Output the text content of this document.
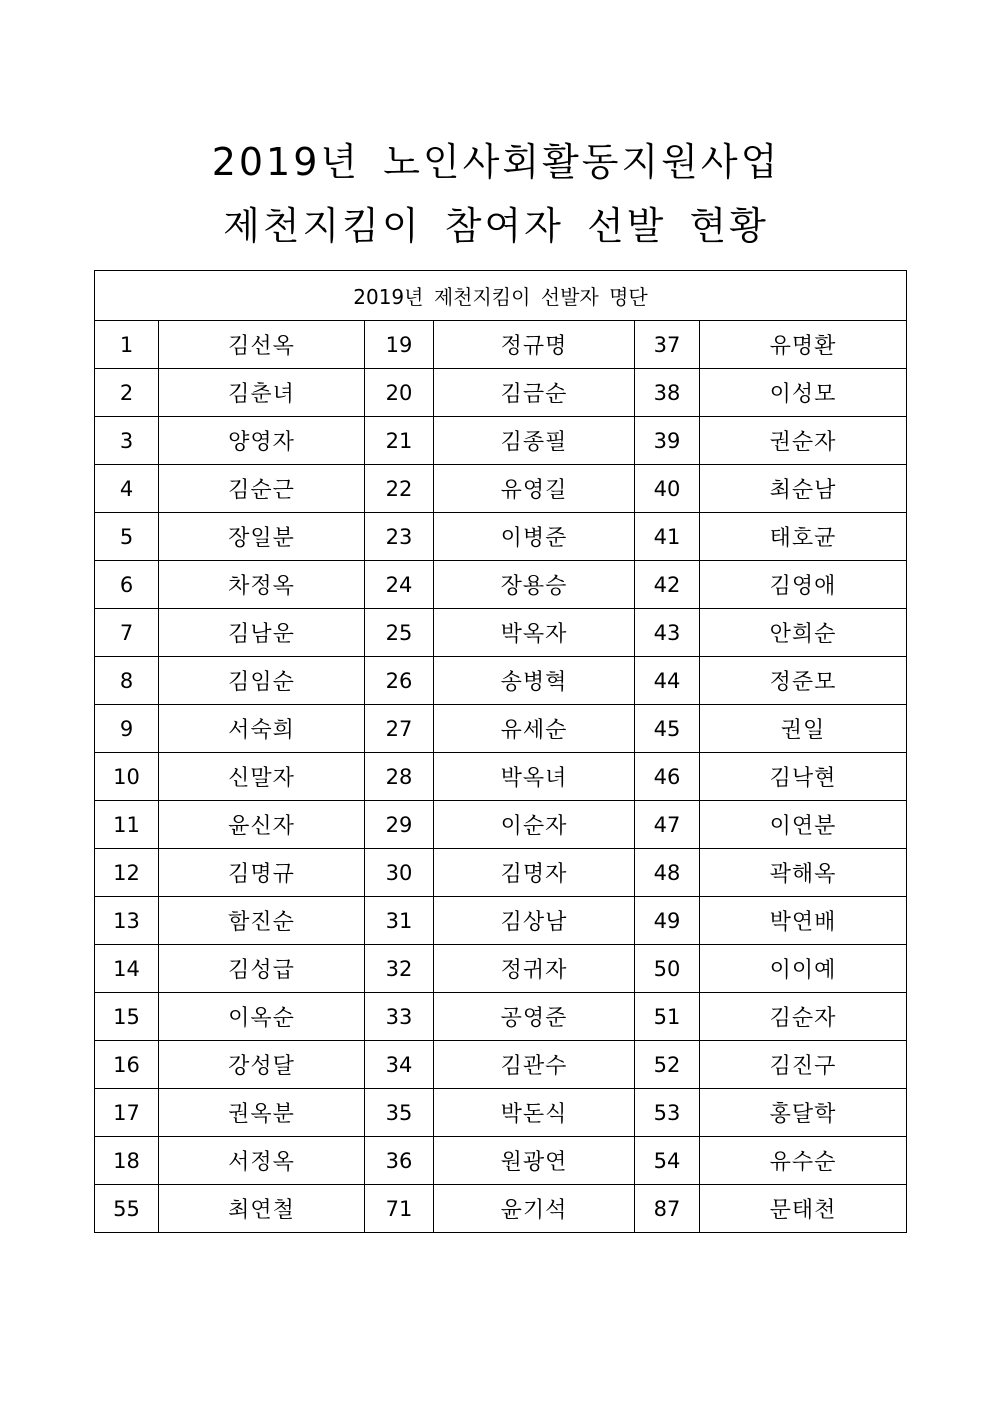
2019년 노인사회활동지원사업
제천지킴이 참여자 선발 현황
2019년 제천지킴이 선발자 명단					
1	김선옥	19	정규명	37	유명환
2	김춘녀	20	김금순	38	이성모
3	양영자	21	김종필	39	권순자
4	김순근	22	유영길	40	최순남
5	장일분	23	이병준	41	태호균
6	차정옥	24	장용승	42	김영애
7	김남운	25	박옥자	43	안희순
8	김임순	26	송병혁	44	정준모
9	서숙희	27	유세순	45	권일
10	신말자	28	박옥녀	46	김낙현
11	윤신자	29	이순자	47	이연분
12	김명규	30	김명자	48	곽해옥
13	함진순	31	김상남	49	박연배
14	김성급	32	정귀자	50	이이예
15	이옥순	33	공영준	51	김순자
16	강성달	34	김관수	52	김진구
17	권옥분	35	박돈식	53	홍달학
18	서정옥	36	원광연	54	유수순
55	최연철	71	윤기석	87	문태천
